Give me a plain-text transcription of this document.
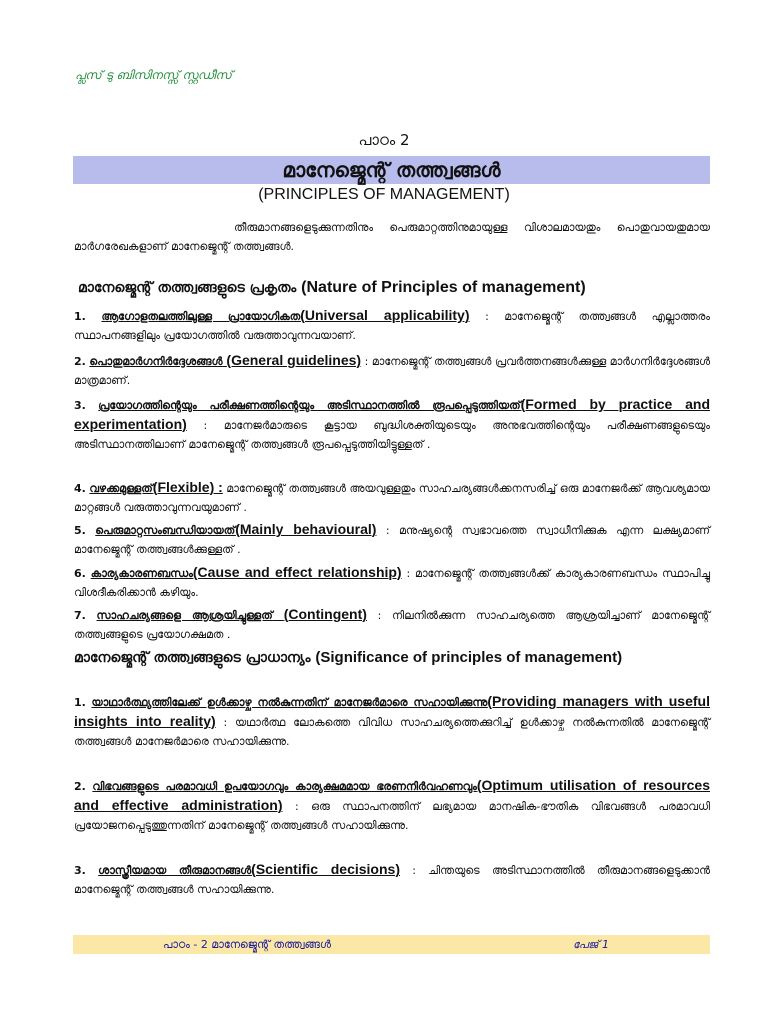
പ്ലസ് ടു ബിസിനസ്സ് സ്റ്റഡീസ്
പാഠം 2
മാനേജ്മെന്റ് തത്ത്വങ്ങൾ
(PRINCIPLES OF MANAGEMENT)
തീരുമാനങ്ങളെടുക്കുന്നതിനും പെരുമാറ്റത്തിനുമായുള്ള വിശാലമായതും പൊതുവായതുമായ മാർഗരേഖകളാണ് മാനേജ്മെന്റ് തത്ത്വങ്ങൾ.
മാനേജ്മെന്റ് തത്ത്വങ്ങളുടെ പ്രകൃതം (Nature of Principles of management)
1. ആഗോളതലത്തിലുള്ള പ്രായോഗികത(Universal applicability) : മാനേജ്മെന്റ് തത്ത്വങ്ങൾ എല്ലാത്തരം സ്ഥാപനങ്ങളിലും പ്രയോഗത്തിൽ വരുത്താവുന്നവയാണ്.
2. പൊതുമാർഗനിർദ്ദേശങ്ങൾ (General guidelines) : മാനേജ്മെന്റ് തത്ത്വങ്ങൾ പ്രവർത്തനങ്ങൾക്കുള്ള മാർഗനിർദ്ദേശങ്ങൾ മാത്രമാണ്.
3. പ്രയോഗത്തിന്റെയും പരീക്ഷണത്തിന്റെയും അടിസ്ഥാനത്തിൽ രൂപപ്പെടുത്തിയത്(Formed by practice and experimentation) : മാനേജർമാരുടെ കൂട്ടായ ബുദ്ധിശക്തിയുടെയും അനുഭവത്തിന്റെയും പരീക്ഷണങ്ങളുടെയും അടിസ്ഥാനത്തിലാണ് മാനേജ്മെന്റ് തത്ത്വങ്ങൾ രൂപപ്പെടുത്തിയിട്ടുള്ളത് .
4. വഴക്കമുള്ളത്(Flexible) : മാനേജ്മെന്റ് തത്ത്വങ്ങൾ അയവുള്ളതും സാഹചര്യങ്ങൾക്കനസരിച്ച് ഒരു മാനേജർക്ക് ആവശ്യമായ മാറ്റങ്ങൾ വരുത്താവുന്നവയുമാണ് .
5. പെരുമാറ്റസംബന്ധിയായത്(Mainly behavioural) : മനുഷ്യന്റെ സ്വഭാവത്തെ സ്വാധീനിക്കുക എന്ന ലക്ഷ്യമാണ് മാനേജ്മെന്റ് തത്ത്വങ്ങൾക്കുള്ളത് .
6. കാര്യകാരണബന്ധം(Cause and effect relationship) : മാനേജ്മെന്റ് തത്ത്വങ്ങൾക്ക് കാര്യകാരണബന്ധം സ്ഥാപിച്ചു വിശദീകരിക്കാൻ കഴിയും.
7. സാഹചര്യങ്ങളെ ആശ്രയിച്ചുള്ളത് (Contingent) : നിലനിൽക്കുന്ന സാഹചര്യത്തെ ആശ്രയിച്ചാണ് മാനേജ്മെന്റ് തത്ത്വങ്ങളുടെ പ്രയോഗക്ഷമത .
മാനേജ്മെന്റ് തത്ത്വങ്ങളുടെ പ്രാധാന്യം (Significance of principles of management)
1. യാഥാർത്ഥ്യത്തിലേക്ക് ഉൾക്കാഴ്ച നൽകുന്നതിന് മാനേജർമാരെ സഹായിക്കുന്നു(Providing managers with useful insights into reality) : യഥാർത്ഥ ലോകത്തെ വിവിധ സാഹചര്യത്തെക്കുറിച്ച് ഉൾക്കാഴ്ച നൽകുന്നതിൽ മാനേജ്മെന്റ് തത്ത്വങ്ങൾ മാനേജർമാരെ സഹായിക്കുന്നു.
2. വിഭവങ്ങളുടെ പരമാവധി ഉപയോഗവും കാര്യക്ഷമമായ ഭരണനിർവഹണവും(Optimum utilisation of resources and effective administration) : ഒരു സ്ഥാപനത്തിന് ലഭ്യമായ മാനഷിക-ഭൗതിക വിഭവങ്ങൾ പരമാവധി പ്രയോജനപ്പെടുത്തുന്നതിന് മാനേജ്മെന്റ് തത്ത്വങ്ങൾ സഹായിക്കുന്നു.
3. ശാസ്ത്രീയമായ തീരുമാനങ്ങൾ(Scientific decisions) : ചിന്തയുടെ അടിസ്ഥാനത്തിൽ തീരുമാനങ്ങളെടുക്കാൻ മാനേജ്മെന്റ് തത്ത്വങ്ങൾ സഹായിക്കുന്നു.
പാഠം - 2 മാനേജ്മെന്റ് തത്ത്വങ്ങൾ	പേജ് 1
